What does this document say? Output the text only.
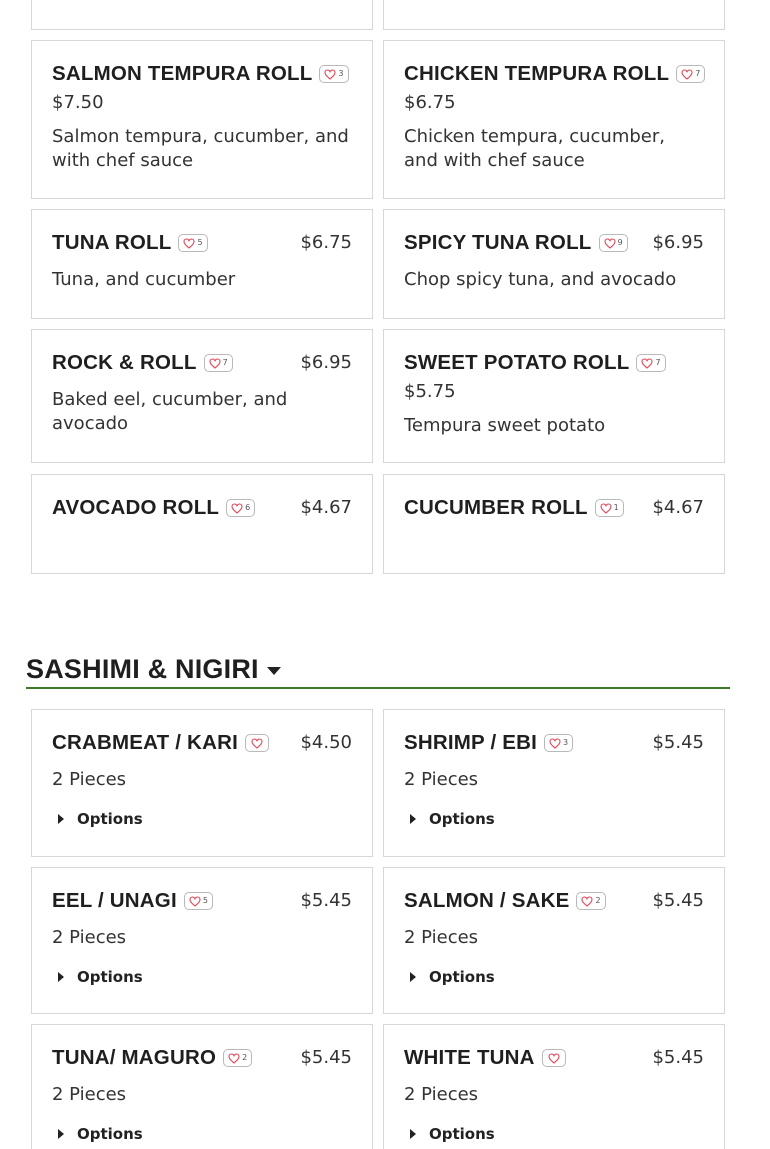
SALMON TEMPURA ROLL	3
$7.50

Salmon tempura, cucumber, and with chef sauce

CHICKEN TEMPURA ROLL	7
$6.75

Chicken tempura, cucumber, and with chef sauce

TUNA ROLL	5	$6.75

Tuna, and cucumber

SPICY TUNA ROLL	9 $6.95

Chop spicy tuna, and avocado

ROCK & ROLL	7	$6.95

Baked eel, cucumber, and avocado

SWEET POTATO ROLL	7
$5.75

Tempura sweet potato

AVOCADO ROLL	6	$4.67	CUCUMBER ROLL	1 $4.67
SASHIMI & NIGIRI
CRABMEAT / KARI	$4.50

2 Pieces

Options
SHRIMP / EBI	3	$5.45

2 Pieces

Options
EEL / UNAGI	5	$5.45

2 Pieces

Options
SALMON / SAKE	2	$5.45

2 Pieces

Options
TUNA/ MAGURO	2	$5.45

2 Pieces

Options
WHITE TUNA	$5.45

2 Pieces

Options
